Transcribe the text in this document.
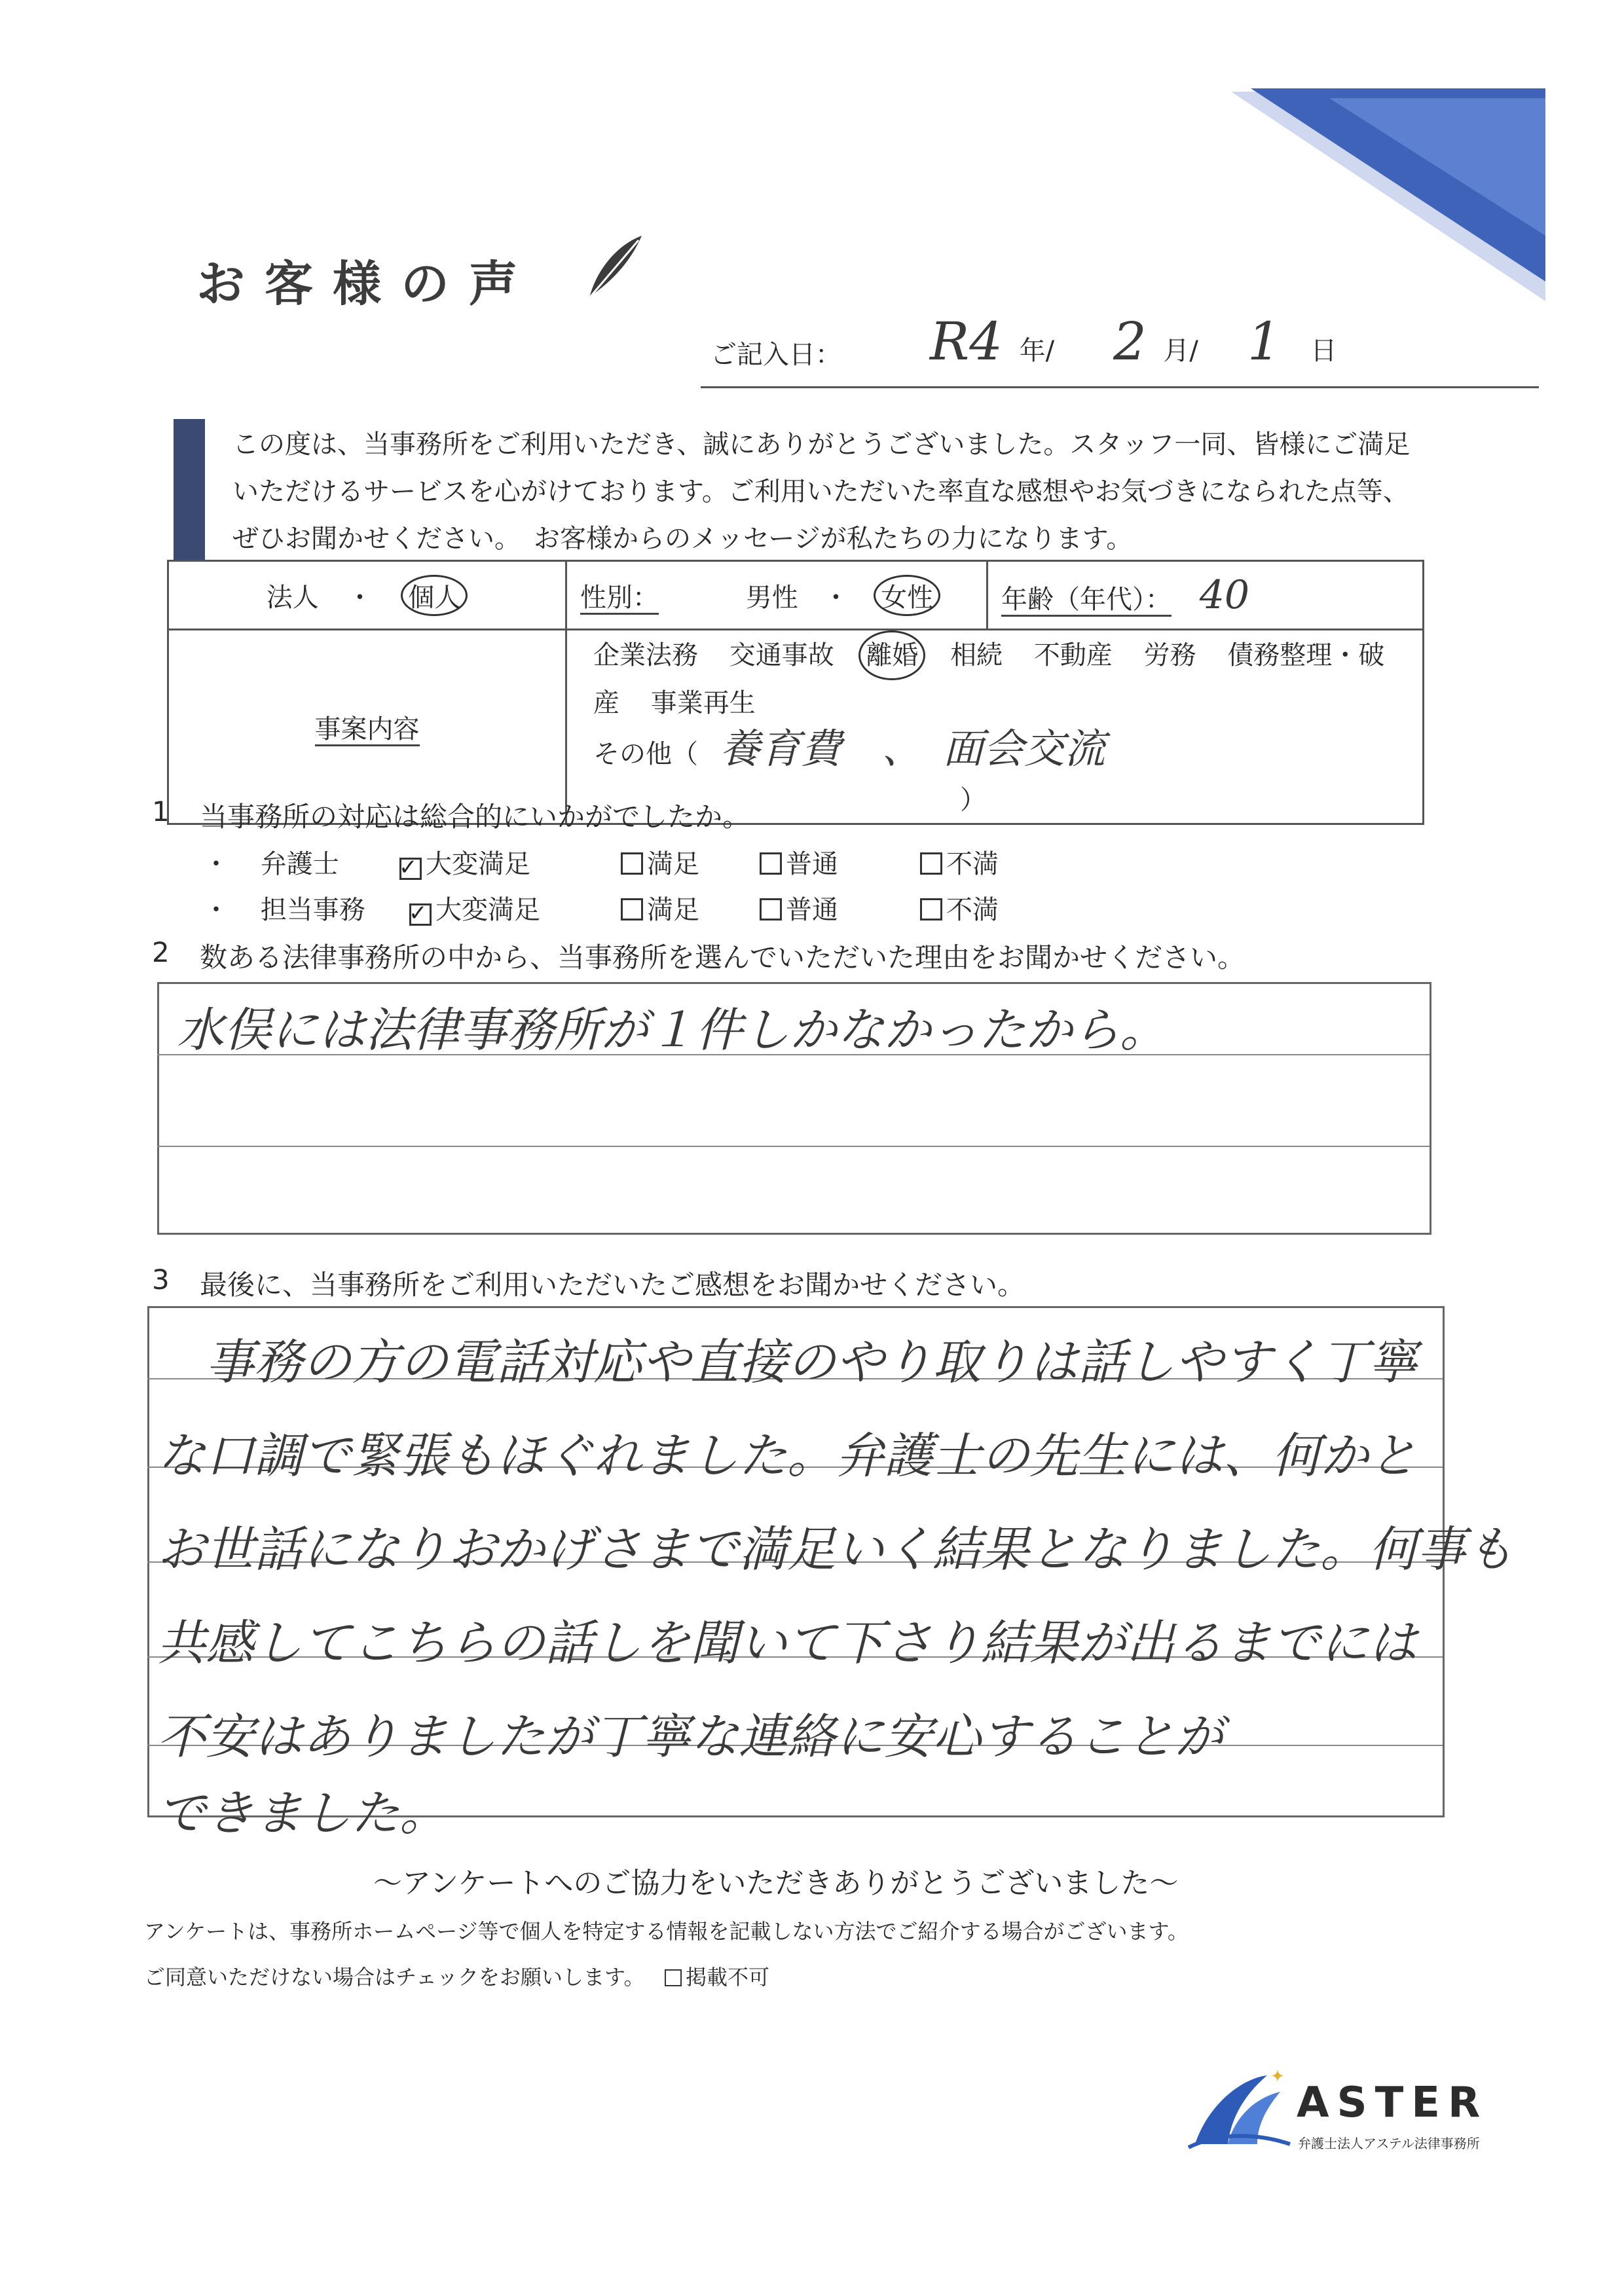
お客様の声
ご記入日： R4 年/ 2 月/ 1 日
この度は、当事務所をご利用いただき、誠にありがとうございました。スタッフ一同、皆様にご満足
いただけるサービスを心がけております。ご利用いただいた率直な感想やお気づきになられた点等、
ぜひお聞かせください。　お客様からのメッセージが私たちの力になります。
法人 ・ 個人	性別： 男性 ・ 女性	年齢（年代）： 40
事案内容	企業法務 交通事故 離婚 相続 不動産 労務 債務整理・破産 事業再生
その他（ 養育費　、　面会交流 ）	
1 当事務所の対応は総合的にいかがでしたか。
・ 弁護士 ✓	大変満足	満足	普通	不満
・ 担当事務 ✓	大変満足	満足	普通	不満
2 数ある法律事務所の中から、当事務所を選んでいただいた理由をお聞かせください。
水俣には法律事務所が１件しかなかったから。
3 最後に、当事務所をご利用いただいたご感想をお聞かせください。
　事務の方の電話対応や直接のやり取りは話しやすく丁寧
な口調で緊張もほぐれました。弁護士の先生には、何かと
お世話になりおかげさまで満足いく結果となりました。何事も
共感してこちらの話しを聞いて下さり結果が出るまでには
不安はありましたが丁寧な連絡に安心することが
できました。
～アンケートへのご協力をいただきありがとうございました～
アンケートは、事務所ホームページ等で個人を特定する情報を記載しない方法でご紹介する場合がございます。
ご同意いただけない場合はチェックをお願いします。	掲載不可
✦
ASTER
弁護士法人アステル法律事務所
